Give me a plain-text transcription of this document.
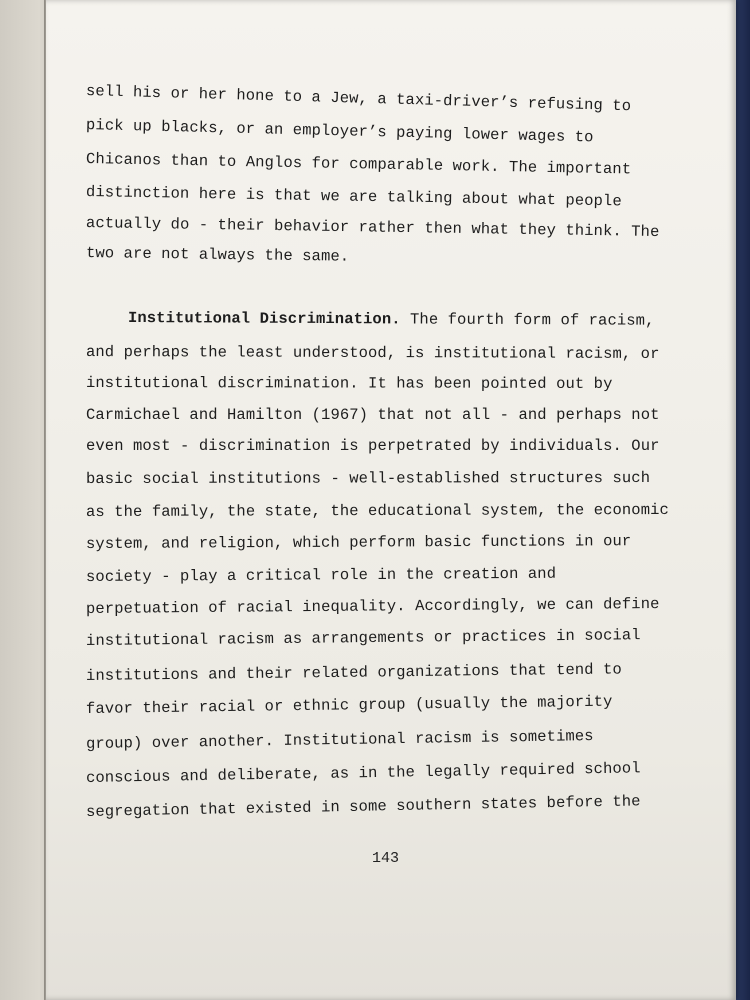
sell his or her hone to a Jew, a taxi-driver’s refusing to
pick up blacks, or an employer’s paying lower wages to
Chicanos than to Anglos for comparable work. The important
distinction here is that we are talking about what people
actually do - their behavior rather then what they think. The
two are not always the same.
Institutional Discrimination. The fourth form of racism,
and perhaps the least understood, is institutional racism, or
institutional discrimination. It has been pointed out by
Carmichael and Hamilton (1967) that not all - and perhaps not
even most - discrimination is perpetrated by individuals. Our
basic social institutions - well-established structures such
as the family, the state, the educational system, the economic
system, and religion, which perform basic functions in our
society - play a critical role in the creation and
perpetuation of racial inequality. Accordingly, we can define
institutional racism as arrangements or practices in social
institutions and their related organizations that tend to
favor their racial or ethnic group (usually the majority
group) over another. Institutional racism is sometimes
conscious and deliberate, as in the legally required school
segregation that existed in some southern states before the
143
